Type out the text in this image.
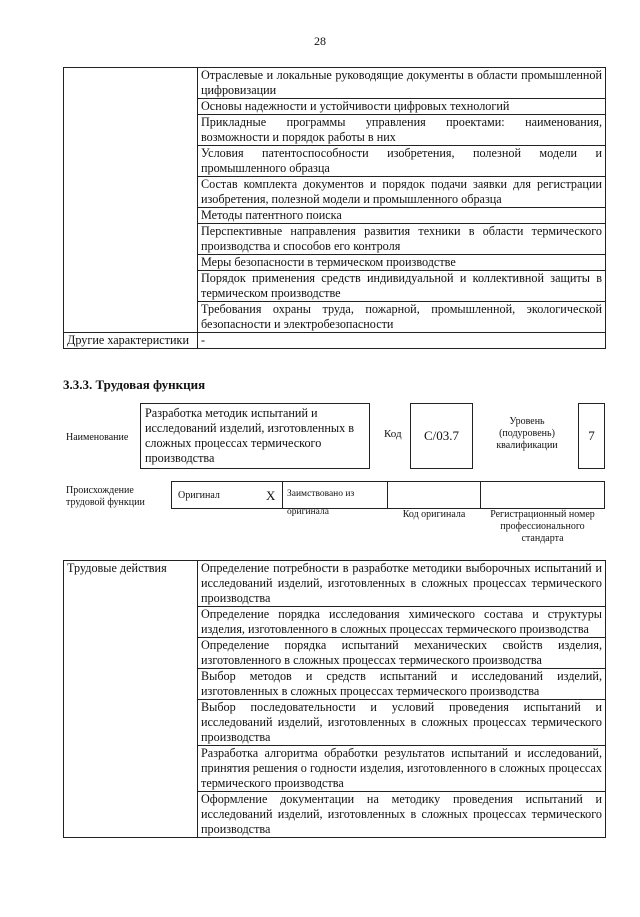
28
	Отраслевые и локальные руководящие документы в области промышленной цифровизации
	Основы надежности и устойчивости цифровых технологий
	Прикладные программы управления проектами: наименования, возможности и порядок работы в них
	Условия патентоспособности изобретения, полезной модели и промышленного образца
	Состав комплекта документов и порядок подачи заявки для регистрации изобретения, полезной модели и промышленного образца
	Методы патентного поиска
	Перспективные направления развития техники в области термического производства и способов его контроля
	Меры безопасности в термическом производстве
	Порядок применения средств индивидуальной и коллективной защиты в термическом производстве
	Требования охраны труда, пожарной, промышленной, экологической безопасности и электробезопасности
Другие характеристики	-
3.3.3. Трудовая функция
Наименование
Разработка методик испытаний и исследований изделий, изготовленных в сложных процессах термического производства
Код	C/03.7
Уровень (подуровень) квалификации
7
Происхождение трудовой функции
Оригинал	X	Заимствовано из оригинала	Код оригинала	Регистрационный номер профессионального стандарта
Трудовые действия	Определение потребности в разработке методики выборочных испытаний и исследований изделий, изготовленных в сложных процессах термического производства
Определение порядка исследования химического состава и структуры изделия, изготовленного в сложных процессах термического производства
Определение порядка испытаний механических свойств изделия, изготовленного в сложных процессах термического производства
Выбор методов и средств испытаний и исследований изделий, изготовленных в сложных процессах термического производства
Выбор последовательности и условий проведения испытаний и исследований изделий, изготовленных в сложных процессах термического производства
Разработка алгоритма обработки результатов испытаний и исследований, принятия решения о годности изделия, изготовленного в сложных процессах термического производства
Оформление документации на методику проведения испытаний и исследований изделий, изготовленных в сложных процессах термического производства
